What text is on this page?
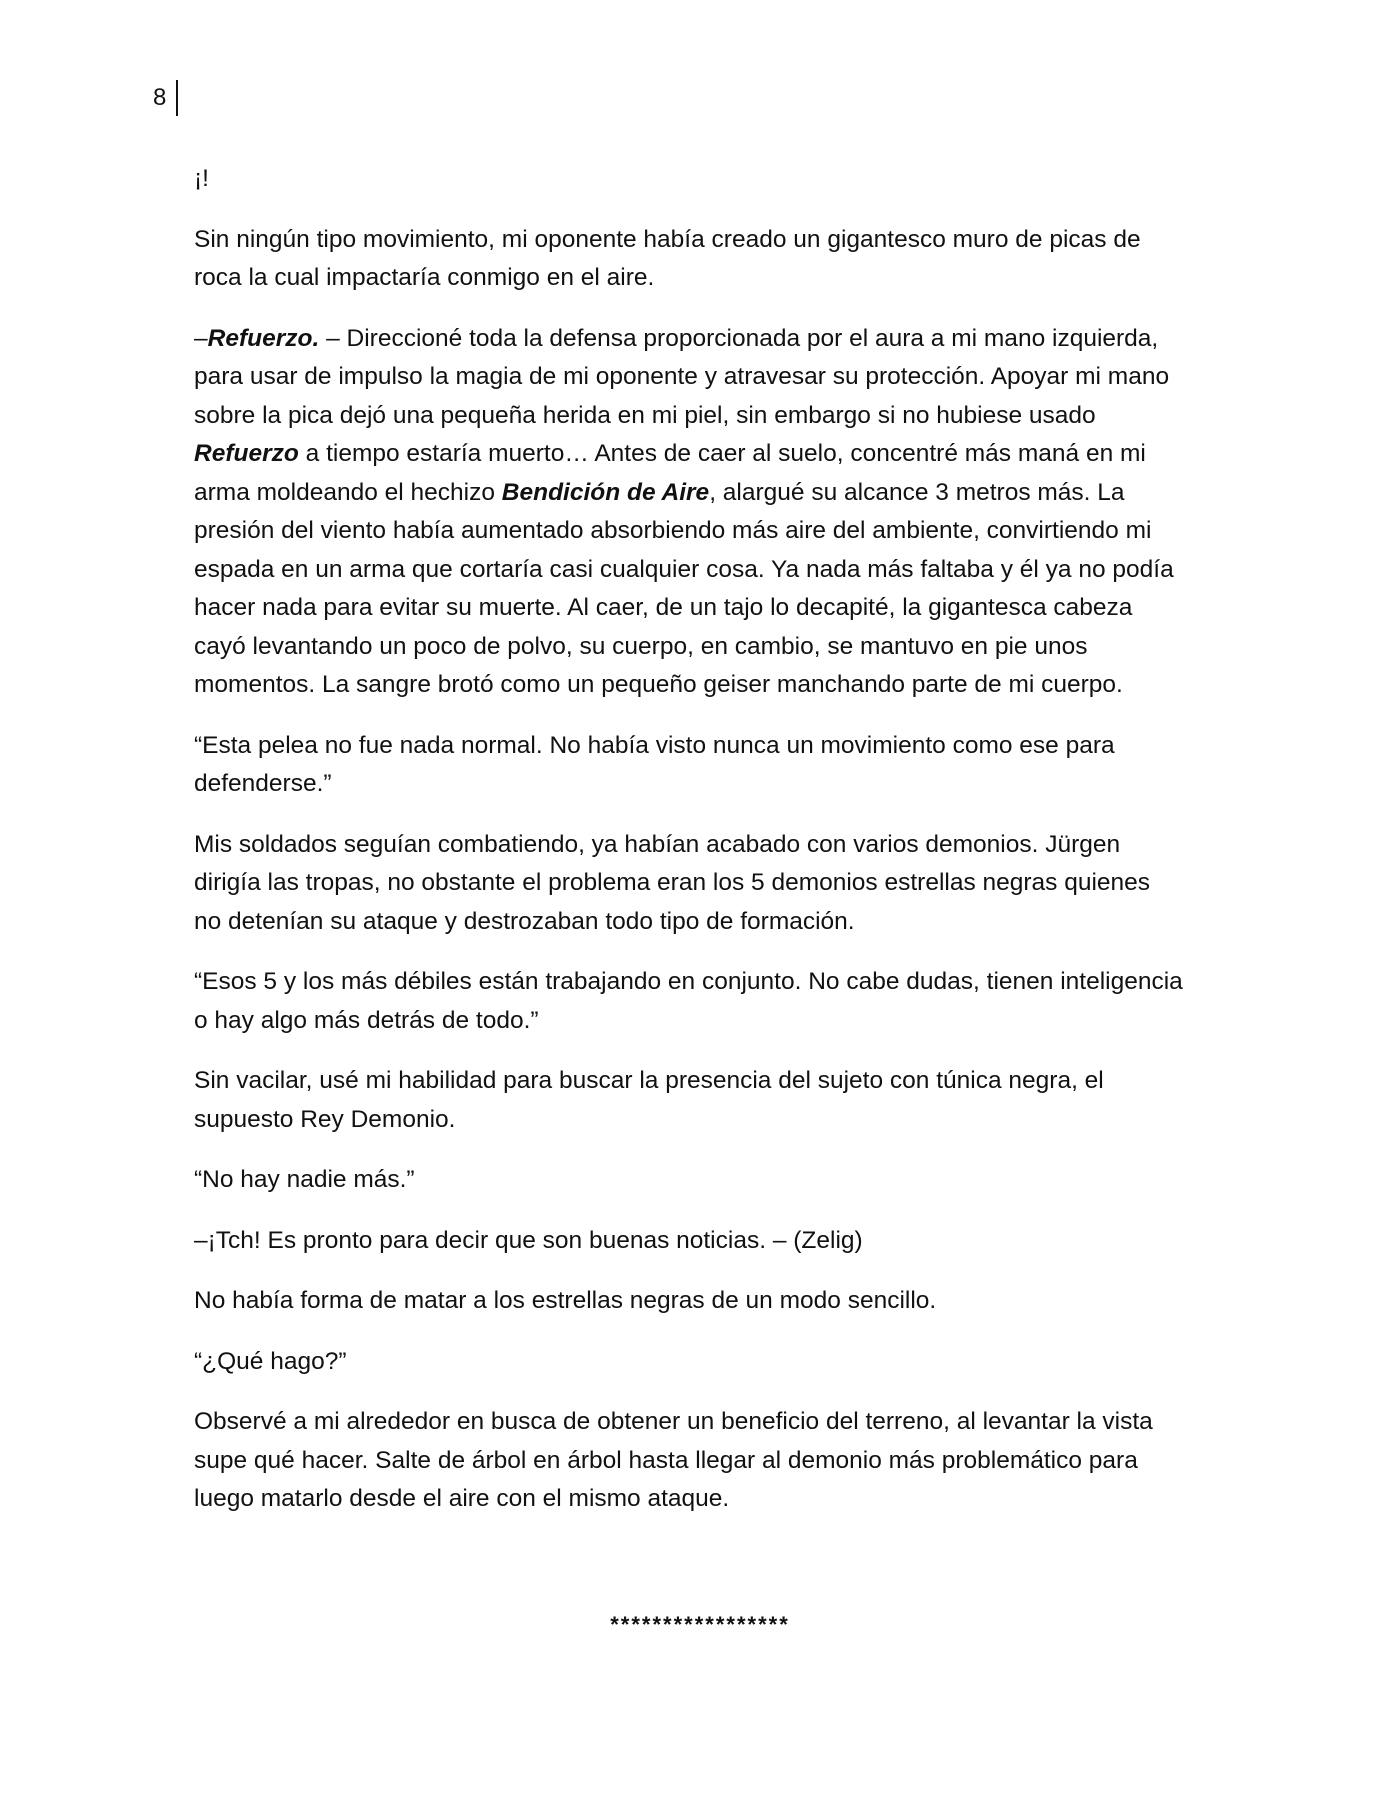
8

¡!

Sin ningún tipo movimiento, mi oponente había creado un gigantesco muro de picas de
roca la cual impactaría conmigo en el aire.

–Refuerzo. – Direccioné toda la defensa proporcionada por el aura a mi mano izquierda,
para usar de impulso la magia de mi oponente y atravesar su protección. Apoyar mi mano
sobre la pica dejó una pequeña herida en mi piel, sin embargo si no hubiese usado
Refuerzo a tiempo estaría muerto… Antes de caer al suelo, concentré más maná en mi
arma moldeando el hechizo Bendición de Aire, alargué su alcance 3 metros más. La
presión del viento había aumentado absorbiendo más aire del ambiente, convirtiendo mi
espada en un arma que cortaría casi cualquier cosa. Ya nada más faltaba y él ya no podía
hacer nada para evitar su muerte. Al caer, de un tajo lo decapité, la gigantesca cabeza
cayó levantando un poco de polvo, su cuerpo, en cambio, se mantuvo en pie unos
momentos. La sangre brotó como un pequeño geiser manchando parte de mi cuerpo.

“Esta pelea no fue nada normal. No había visto nunca un movimiento como ese para
defenderse.”

Mis soldados seguían combatiendo, ya habían acabado con varios demonios. Jürgen
dirigía las tropas, no obstante el problema eran los 5 demonios estrellas negras quienes
no detenían su ataque y destrozaban todo tipo de formación.

“Esos 5 y los más débiles están trabajando en conjunto. No cabe dudas, tienen inteligencia
o hay algo más detrás de todo.”

Sin vacilar, usé mi habilidad para buscar la presencia del sujeto con túnica negra, el
supuesto Rey Demonio.

“No hay nadie más.”

–¡Tch! Es pronto para decir que son buenas noticias. – (Zelig)

No había forma de matar a los estrellas negras de un modo sencillo.

“¿Qué hago?”

Observé a mi alrededor en busca de obtener un beneficio del terreno, al levantar la vista
supe qué hacer. Salte de árbol en árbol hasta llegar al demonio más problemático para
luego matarlo desde el aire con el mismo ataque.

*****************
